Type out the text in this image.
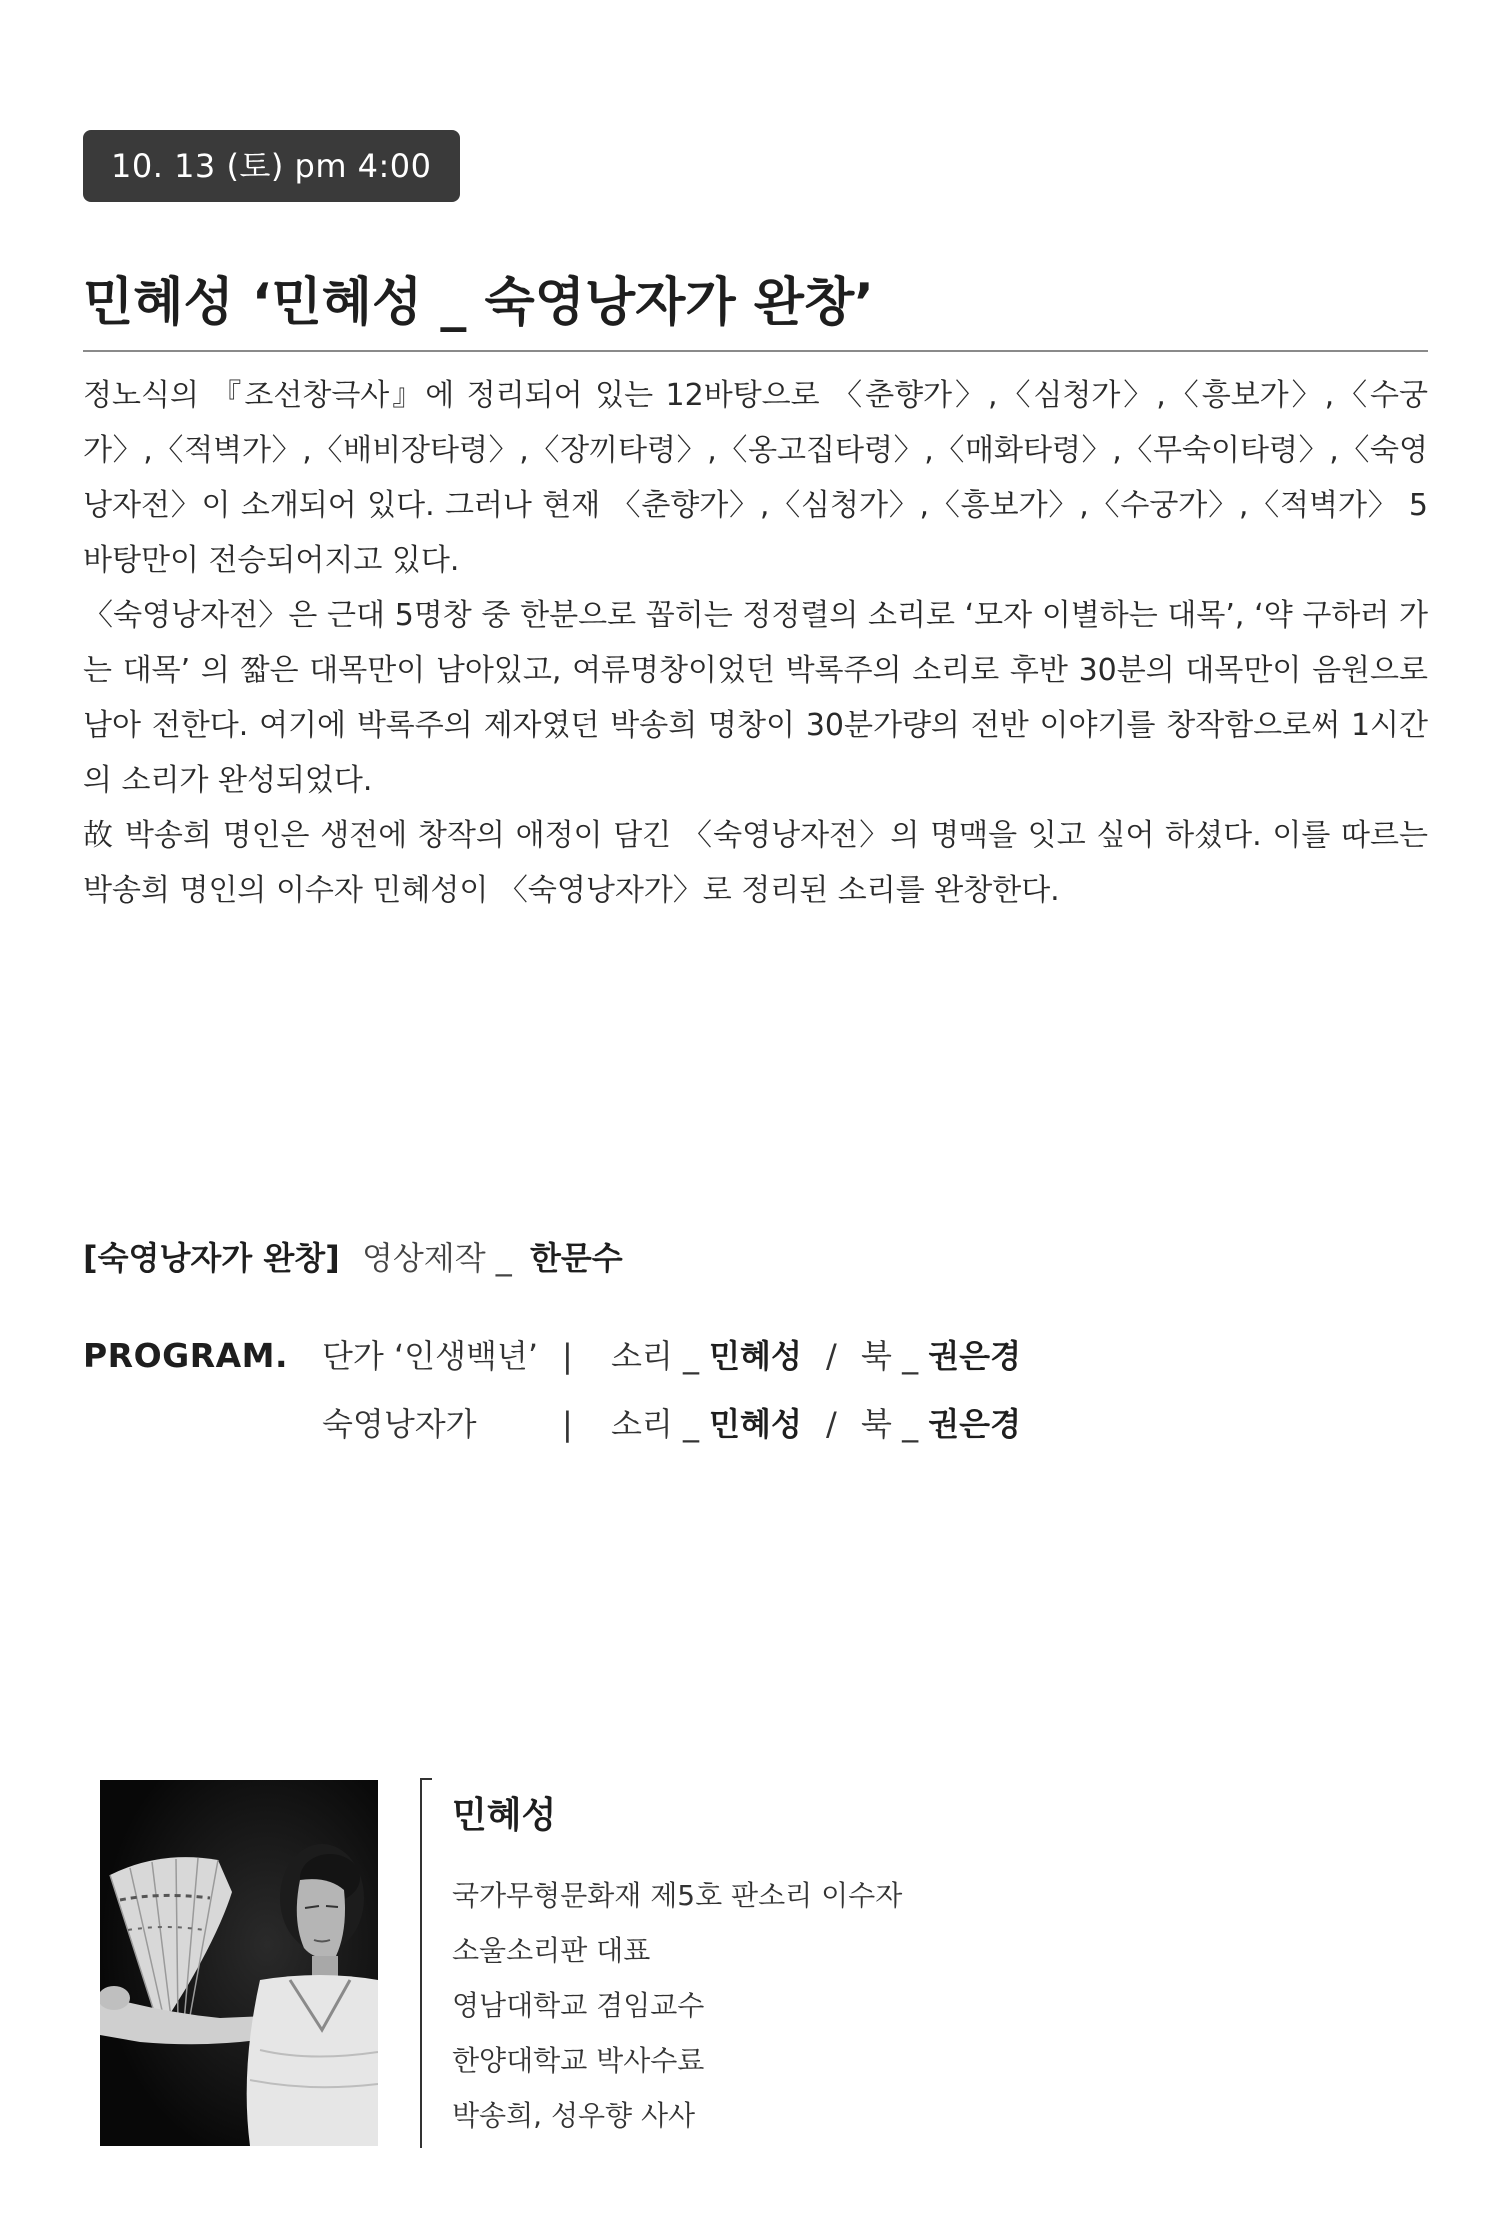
10. 13 (토) pm 4:00
민혜성 ‘민혜성 _ 숙영낭자가 완창’

정노식의 『조선창극사』에 정리되어 있는 12바탕으로 〈춘향가〉,〈심청가〉,〈흥보가〉,〈수궁가〉,〈적벽가〉,〈배비장타령〉,〈장끼타령〉,〈옹고집타령〉,〈매화타령〉,〈무숙이타령〉,〈숙영낭자전〉이 소개되어 있다. 그러나 현재 〈춘향가〉,〈심청가〉,〈흥보가〉,〈수궁가〉,〈적벽가〉 5바탕만이 전승되어지고 있다.

〈숙영낭자전〉은 근대 5명창 중 한분으로 꼽히는 정정렬의 소리로 ‘모자 이별하는 대목’, ‘약 구하러 가는 대목’ 의 짧은 대목만이 남아있고, 여류명창이었던 박록주의 소리로 후반 30분의 대목만이 음원으로 남아 전한다. 여기에 박록주의 제자였던 박송희 명창이 30분가량의 전반 이야기를 창작함으로써 1시간의 소리가 완성되었다.

故 박송희 명인은 생전에 창작의 애정이 담긴 〈숙영낭자전〉의 명맥을 잇고 싶어 하셨다. 이를 따르는 박송희 명인의 이수자 민혜성이 〈숙영낭자가〉로 정리된 소리를 완창한다.

[숙영낭자가 완창] 영상제작 _ 한문수
PROGRAM. 단가 ‘인생백년’ | 소리 _ 민혜성 / 북 _ 권은경
숙영낭자가	| 소리 _ 민혜성 / 북 _ 권은경
민혜성
국가무형문화재 제5호 판소리 이수자
소울소리판 대표
영남대학교 겸임교수
한양대학교 박사수료
박송희, 성우향 사사
